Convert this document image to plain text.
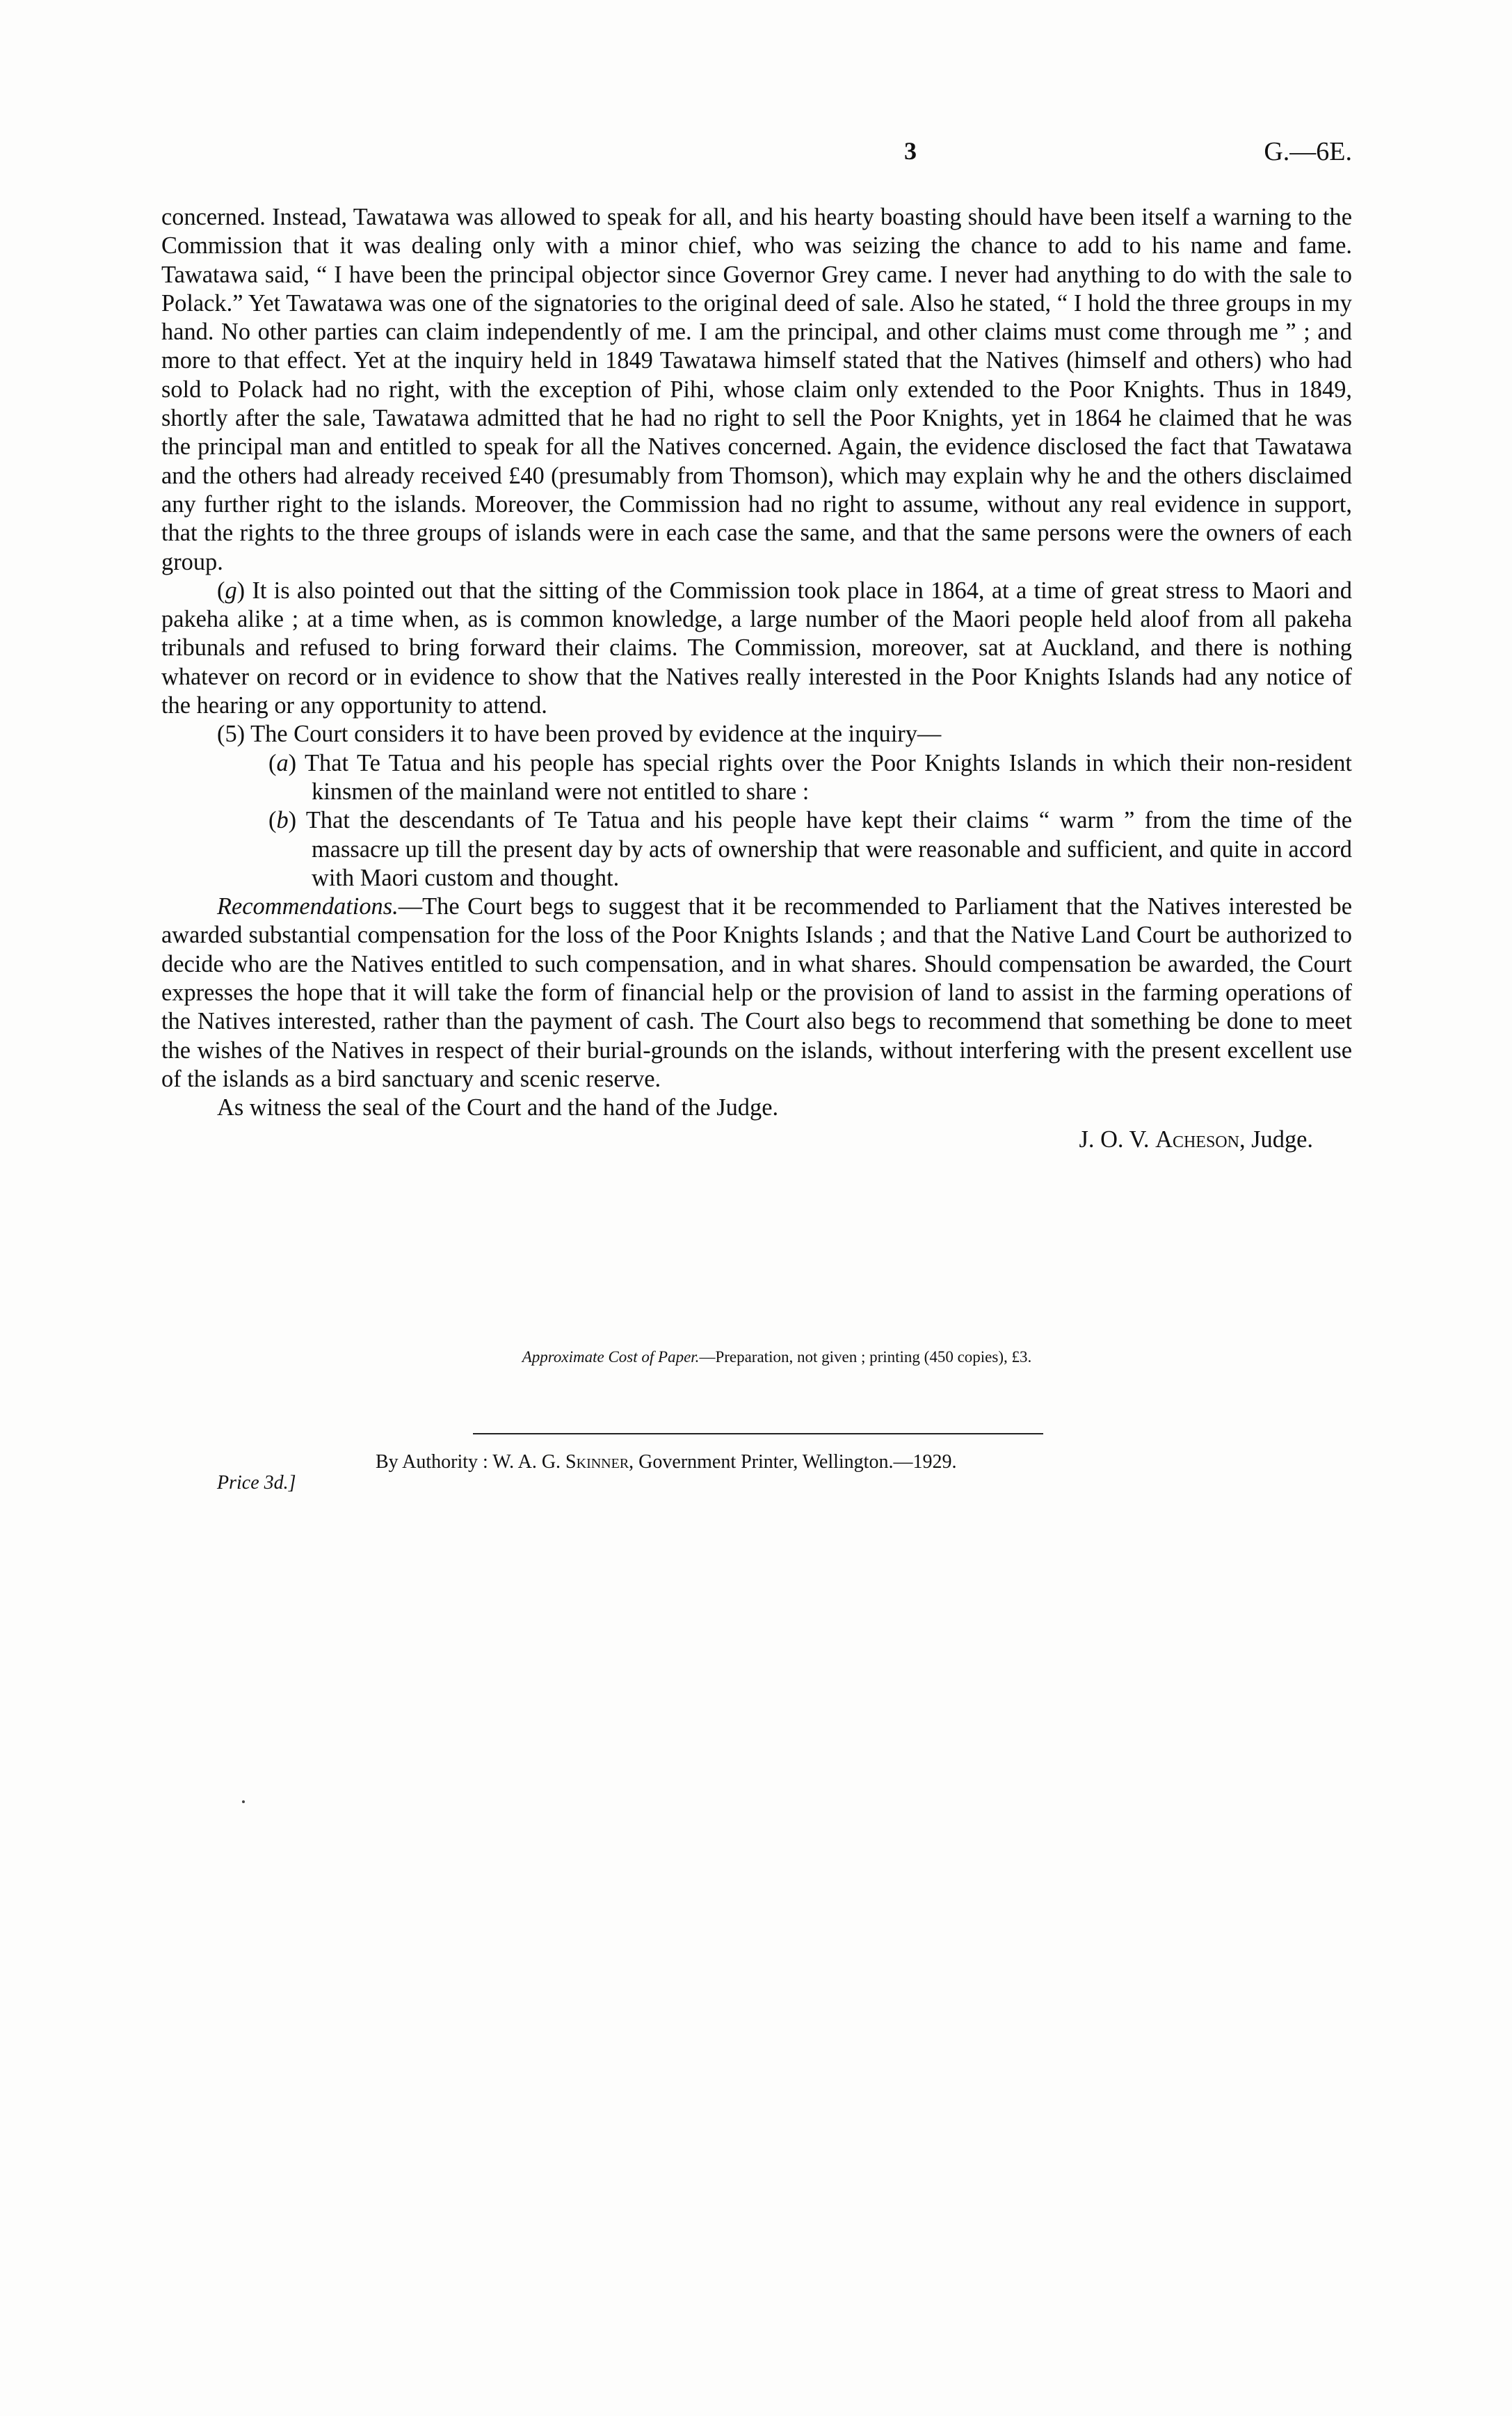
3	G.—6E.

concerned. Instead, Tawatawa was allowed to speak for all, and his hearty boasting should have been itself a warning to the Commission that it was dealing only with a minor chief, who was seizing the chance to add to his name and fame. Tawatawa said, “ I have been the principal objector since Governor Grey came. I never had anything to do with the sale to Polack.” Yet Tawatawa was one of the signatories to the original deed of sale. Also he stated, “ I hold the three groups in my hand. No other parties can claim independently of me. I am the principal, and other claims must come through me ” ; and more to that effect. Yet at the inquiry held in 1849 Tawatawa himself stated that the Natives (himself and others) who had sold to Polack had no right, with the exception of Pihi, whose claim only extended to the Poor Knights. Thus in 1849, shortly after the sale, Tawatawa admitted that he had no right to sell the Poor Knights, yet in 1864 he claimed that he was the principal man and entitled to speak for all the Natives concerned. Again, the evidence disclosed the fact that Tawatawa and the others had already received £40 (presumably from Thomson), which may explain why he and the others disclaimed any further right to the islands. Moreover, the Commission had no right to assume, without any real evidence in support, that the rights to the three groups of islands were in each case the same, and that the same persons were the owners of each group.

(g) It is also pointed out that the sitting of the Commission took place in 1864, at a time of great stress to Maori and pakeha alike ; at a time when, as is common knowledge, a large number of the Maori people held aloof from all pakeha tribunals and refused to bring forward their claims. The Commission, moreover, sat at Auckland, and there is nothing whatever on record or in evidence to show that the Natives really interested in the Poor Knights Islands had any notice of the hearing or any opportunity to attend.

(5) The Court considers it to have been proved by evidence at the inquiry—

(a) That Te Tatua and his people has special rights over the Poor Knights Islands in which their non-resident kinsmen of the mainland were not entitled to share :

(b) That the descendants of Te Tatua and his people have kept their claims “ warm ” from the time of the massacre up till the present day by acts of ownership that were reasonable and sufficient, and quite in accord with Maori custom and thought.

Recommendations.—The Court begs to suggest that it be recommended to Parliament that the Natives interested be awarded substantial compensation for the loss of the Poor Knights Islands ; and that the Native Land Court be authorized to decide who are the Natives entitled to such compensation, and in what shares. Should compensation be awarded, the Court expresses the hope that it will take the form of financial help or the provision of land to assist in the farming operations of the Natives interested, rather than the payment of cash. The Court also begs to recommend that something be done to meet the wishes of the Natives in respect of their burial-grounds on the islands, without interfering with the present excellent use of the islands as a bird sanctuary and scenic reserve.

As witness the seal of the Court and the hand of the Judge.

J. O. V. Acheson, Judge.

Approximate Cost of Paper.—Preparation, not given ; printing (450 copies), £3.
By Authority : W. A. G. Skinner, Government Printer, Wellington.—1929.
Price 3d.]
